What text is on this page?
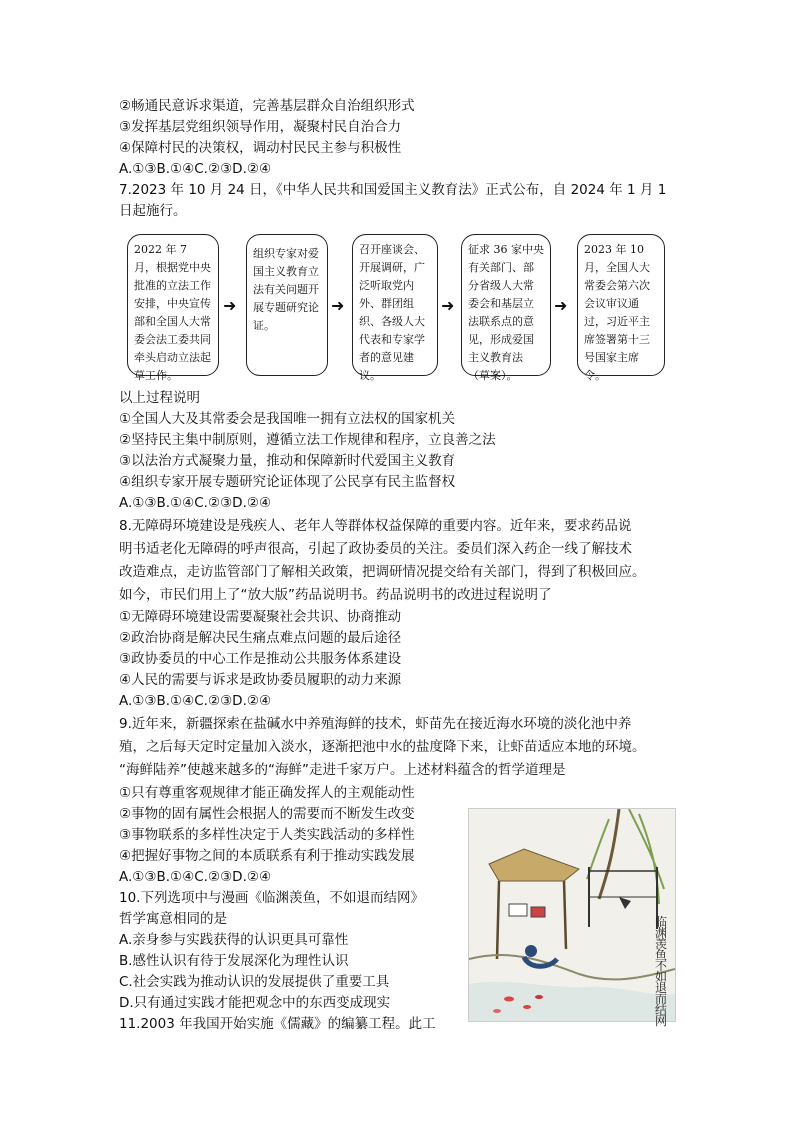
②畅通民意诉求渠道，完善基层群众自治组织形式
③发挥基层党组织领导作用，凝聚村民自治合力
④保障村民的决策权，调动村民民主参与积极性
A.①③B.①④C.②③D.②④
7.2023 年 10 月 24 日，《中华人民共和国爱国主义教育法》正式公布，自 2024 年 1 月 1
日起施行。
2022 年 7 月，根据党中央批准的立法工作安排，中央宣传部和全国人大常委会法工委共同牵头启动立法起草工作。
➜
组织专家对爱国主义教育立法有关问题开展专题研究论证。
➜
召开座谈会、开展调研，广泛听取党内外、群团组织、各级人大代表和专家学者的意见建议。
➜
征求 36 家中央有关部门、部分省级人大常委会和基层立法联系点的意见，形成爱国主义教育法（草案）。
➜
2023 年 10 月，全国人大常委会第六次会议审议通过，习近平主席签署第十三号国家主席令。
以上过程说明
①全国人大及其常委会是我国唯一拥有立法权的国家机关
②坚持民主集中制原则，遵循立法工作规律和程序，立良善之法
③以法治方式凝聚力量，推动和保障新时代爱国主义教育
④组织专家开展专题研究论证体现了公民享有民主监督权
A.①③B.①④C.②③D.②④
8.无障碍环境建设是残疾人、老年人等群体权益保障的重要内容。近年来，要求药品说
明书适老化无障碍的呼声很高，引起了政协委员的关注。委员们深入药企一线了解技术
改造难点，走访监管部门了解相关政策，把调研情况提交给有关部门，得到了积极回应。
如今，市民们用上了“放大版”药品说明书。药品说明书的改进过程说明了
①无障碍环境建设需要凝聚社会共识、协商推动
②政治协商是解决民生痛点难点问题的最后途径
③政协委员的中心工作是推动公共服务体系建设
④人民的需要与诉求是政协委员履职的动力来源
A.①③B.①④C.②③D.②④
9.近年来，新疆探索在盐碱水中养殖海鲜的技术，虾苗先在接近海水环境的淡化池中养
殖，之后每天定时定量加入淡水，逐渐把池中水的盐度降下来，让虾苗适应本地的环境。
“海鲜陆养”使越来越多的“海鲜”走进千家万户。上述材料蕴含的哲学道理是
①只有尊重客观规律才能正确发挥人的主观能动性
②事物的固有属性会根据人的需要而不断发生改变
③事物联系的多样性决定于人类实践活动的多样性
④把握好事物之间的本质联系有利于推动实践发展
A.①③B.①④C.②③D.②④
10.下列选项中与漫画《临渊羡鱼，不如退而结网》
哲学寓意相同的是
A.亲身参与实践获得的认识更具可靠性
B.感性认识有待于发展深化为理性认识
C.社会实践为推动认识的发展提供了重要工具
D.只有通过实践才能把观念中的东西变成现实
11.2003 年我国开始实施《儒藏》的编纂工程。此工
临渊羡鱼不如退而结网
